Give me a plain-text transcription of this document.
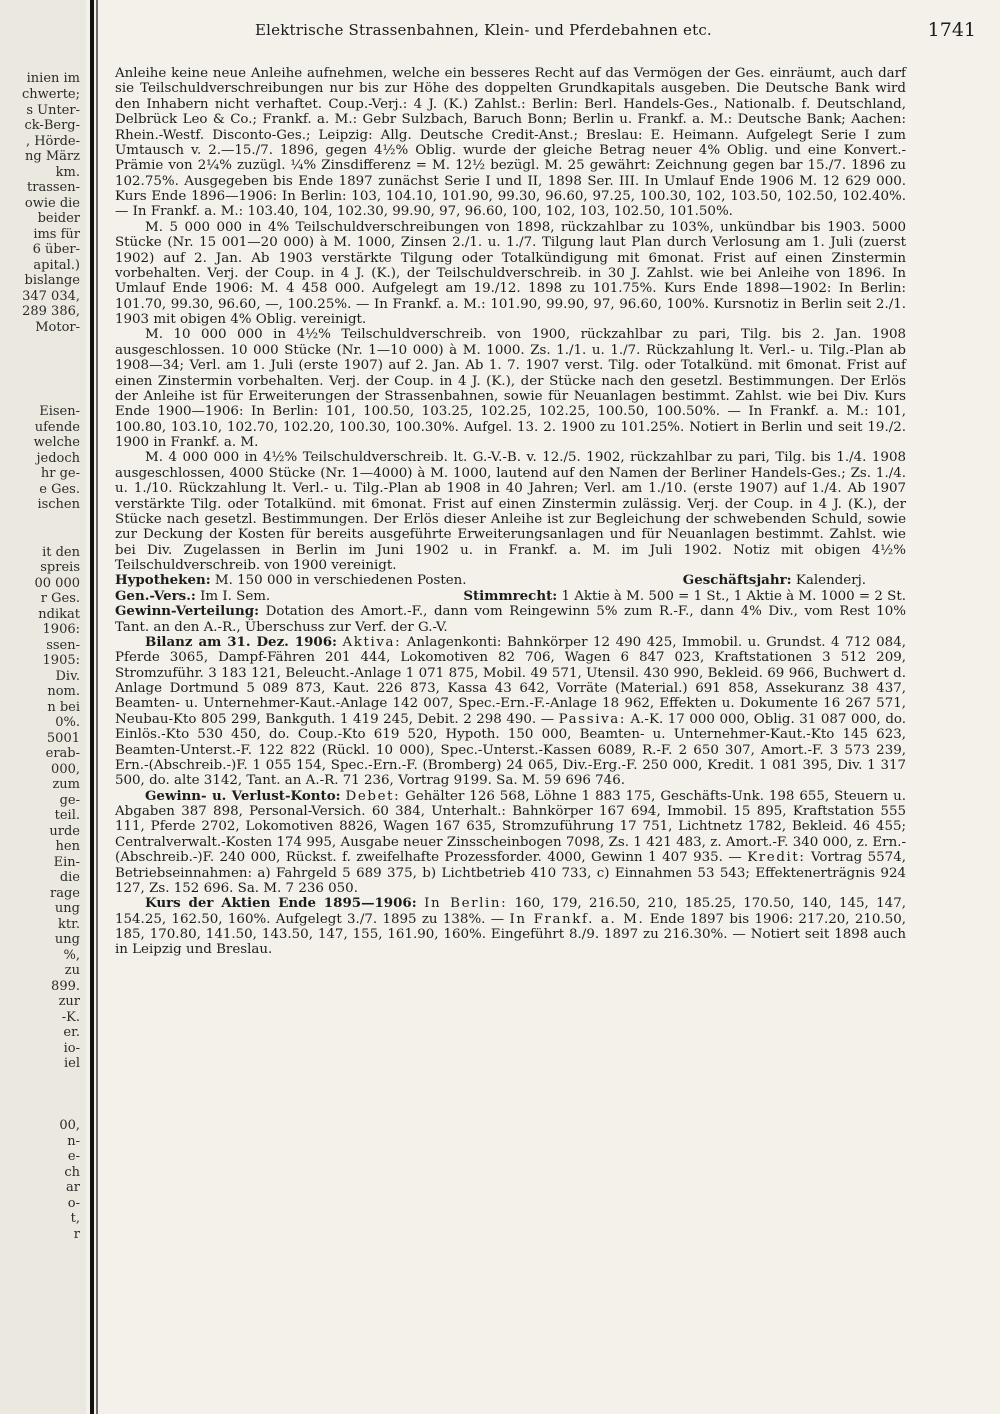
inien im
chwerte;
s Unter-
ck-Berg-
, Hörde-
ng März
km.
trassen-
owie die
beider
ims für
6 über-
apital.)
bislange
347 034,
289 386,
Motor-
Eisen-
ufende
welche
jedoch
hr ge-
e Ges.
ischen
it den
spreis
00 000
r Ges.
ndikat
1906:
ssen-
1905:
Div.
nom.
n bei
0%.
5001
erab-
000,
zum
ge-
teil.
urde
hen
Ein-
die
rage
ung
ktr.
ung
%,
zu
899.
zur
-K.
er.
io-
iel
00,
n-
e-
ch
ar
o-
t,
r
Elektrische Strassenbahnen, Klein- und Pferdebahnen etc.	1741

Anleihe keine neue Anleihe aufnehmen, welche ein besseres Recht auf das Vermögen der Ges. einräumt, auch darf sie Teilschuldverschreibungen nur bis zur Höhe des doppelten Grundkapitals ausgeben. Die Deutsche Bank wird den Inhabern nicht verhaftet. Coup.-Verj.: 4 J. (K.) Zahlst.: Berlin: Berl. Handels-Ges., Nationalb. f. Deutschland, Delbrück Leo & Co.; Frankf. a. M.: Gebr Sulzbach, Baruch Bonn; Berlin u. Frankf. a. M.: Deutsche Bank; Aachen: Rhein.-Westf. Disconto-Ges.; Leipzig: Allg. Deutsche Credit-Anst.; Breslau: E. Heimann. Aufgelegt Serie I zum Umtausch v. 2.—15./7. 1896, gegen 4½% Oblig. wurde der gleiche Betrag neuer 4% Oblig. und eine Konvert.-Prämie von 2¼% zuzügl. ¼% Zinsdifferenz = M. 12½ bezügl. M. 25 gewährt: Zeichnung gegen bar 15./7. 1896 zu 102.75%. Ausgegeben bis Ende 1897 zunächst Serie I und II, 1898 Ser. III. In Umlauf Ende 1906 M. 12 629 000. Kurs Ende 1896—1906: In Berlin: 103, 104.10, 101.90, 99.30, 96.60, 97.25, 100.30, 102, 103.50, 102.50, 102.40%. — In Frankf. a. M.: 103.40, 104, 102.30, 99.90, 97, 96.60, 100, 102, 103, 102.50, 101.50%.

M. 5 000 000 in 4% Teilschuldverschreibungen von 1898, rückzahlbar zu 103%, unkündbar bis 1903. 5000 Stücke (Nr. 15 001—20 000) à M. 1000, Zinsen 2./1. u. 1./7. Tilgung laut Plan durch Verlosung am 1. Juli (zuerst 1902) auf 2. Jan. Ab 1903 verstärkte Tilgung oder Totalkündigung mit 6monat. Frist auf einen Zinstermin vorbehalten. Verj. der Coup. in 4 J. (K.), der Teilschuldverschreib. in 30 J. Zahlst. wie bei Anleihe von 1896. In Umlauf Ende 1906: M. 4 458 000. Aufgelegt am 19./12. 1898 zu 101.75%. Kurs Ende 1898—1902: In Berlin: 101.70, 99.30, 96.60, —, 100.25%. — In Frankf. a. M.: 101.90, 99.90, 97, 96.60, 100%. Kursnotiz in Berlin seit 2./1. 1903 mit obigen 4% Oblig. vereinigt.

M. 10 000 000 in 4½% Teilschuldverschreib. von 1900, rückzahlbar zu pari, Tilg. bis 2. Jan. 1908 ausgeschlossen. 10 000 Stücke (Nr. 1—10 000) à M. 1000. Zs. 1./1. u. 1./7. Rückzahlung lt. Verl.- u. Tilg.-Plan ab 1908—34; Verl. am 1. Juli (erste 1907) auf 2. Jan. Ab 1. 7. 1907 verst. Tilg. oder Totalkünd. mit 6monat. Frist auf einen Zinstermin vorbehalten. Verj. der Coup. in 4 J. (K.), der Stücke nach den gesetzl. Bestimmungen. Der Erlös der Anleihe ist für Erweiterungen der Strassenbahnen, sowie für Neuanlagen bestimmt. Zahlst. wie bei Div. Kurs Ende 1900—1906: In Berlin: 101, 100.50, 103.25, 102.25, 102.25, 100.50, 100.50%. — In Frankf. a. M.: 101, 100.80, 103.10, 102.70, 102.20, 100.30, 100.30%. Aufgel. 13. 2. 1900 zu 101.25%. Notiert in Berlin und seit 19./2. 1900 in Frankf. a. M.

M. 4 000 000 in 4½% Teilschuldverschreib. lt. G.-V.-B. v. 12./5. 1902, rückzahlbar zu pari, Tilg. bis 1./4. 1908 ausgeschlossen, 4000 Stücke (Nr. 1—4000) à M. 1000, lautend auf den Namen der Berliner Handels-Ges.; Zs. 1./4. u. 1./10. Rückzahlung lt. Verl.- u. Tilg.-Plan ab 1908 in 40 Jahren; Verl. am 1./10. (erste 1907) auf 1./4. Ab 1907 verstärkte Tilg. oder Totalkünd. mit 6monat. Frist auf einen Zinstermin zulässig. Verj. der Coup. in 4 J. (K.), der Stücke nach gesetzl. Bestimmungen. Der Erlös dieser Anleihe ist zur Begleichung der schwebenden Schuld, sowie zur Deckung der Kosten für bereits ausgeführte Erweiterungsanlagen und für Neuanlagen bestimmt. Zahlst. wie bei Div. Zugelassen in Berlin im Juni 1902 u. in Frankf. a. M. im Juli 1902. Notiz mit obigen 4½% Teilschuldverschreib. von 1900 vereinigt.

Hypotheken: M. 150 000 in verschiedenen Posten.	Geschäftsjahr: Kalenderj.

Gen.-Vers.: Im I. Sem.	Stimmrecht: 1 Aktie à M. 500 = 1 St., 1 Aktie à M. 1000 = 2 St.

Gewinn-Verteilung: Dotation des Amort.-F., dann vom Reingewinn 5% zum R.-F., dann 4% Div., vom Rest 10% Tant. an den A.-R., Überschuss zur Verf. der G.-V.

Bilanz am 31. Dez. 1906: Aktiva: Anlagenkonti: Bahnkörper 12 490 425, Immobil. u. Grundst. 4 712 084, Pferde 3065, Dampf-Fähren 201 444, Lokomotiven 82 706, Wagen 6 847 023, Kraftstationen 3 512 209, Stromzuführ. 3 183 121, Beleucht.-Anlage 1 071 875, Mobil. 49 571, Utensil. 430 990, Bekleid. 69 966, Buchwert d. Anlage Dortmund 5 089 873, Kaut. 226 873, Kassa 43 642, Vorräte (Material.) 691 858, Assekuranz 38 437, Beamten- u. Unternehmer-Kaut.-Anlage 142 007, Spec.-Ern.-F.-Anlage 18 962, Effekten u. Dokumente 16 267 571, Neubau-Kto 805 299, Bankguth. 1 419 245, Debit. 2 298 490. — Passiva: A.-K. 17 000 000, Oblig. 31 087 000, do. Einlös.-Kto 530 450, do. Coup.-Kto 619 520, Hypoth. 150 000, Beamten- u. Unternehmer-Kaut.-Kto 145 623, Beamten-Unterst.-F. 122 822 (Rückl. 10 000), Spec.-Unterst.-Kassen 6089, R.-F. 2 650 307, Amort.-F. 3 573 239, Ern.-(Abschreib.-)F. 1 055 154, Spec.-Ern.-F. (Bromberg) 24 065, Div.-Erg.-F. 250 000, Kredit. 1 081 395, Div. 1 317 500, do. alte 3142, Tant. an A.-R. 71 236, Vortrag 9199. Sa. M. 59 696 746.

Gewinn- u. Verlust-Konto: Debet: Gehälter 126 568, Löhne 1 883 175, Geschäfts-Unk. 198 655, Steuern u. Abgaben 387 898, Personal-Versich. 60 384, Unterhalt.: Bahnkörper 167 694, Immobil. 15 895, Kraftstation 555 111, Pferde 2702, Lokomotiven 8826, Wagen 167 635, Stromzuführung 17 751, Lichtnetz 1782, Bekleid. 46 455; Centralverwalt.-Kosten 174 995, Ausgabe neuer Zinsscheinbogen 7098, Zs. 1 421 483, z. Amort.-F. 340 000, z. Ern.-(Abschreib.-)F. 240 000, Rückst. f. zweifelhafte Prozessforder. 4000, Gewinn 1 407 935. — Kredit: Vortrag 5574, Betriebseinnahmen: a) Fahrgeld 5 689 375, b) Lichtbetrieb 410 733, c) Einnahmen 53 543; Effektenerträgnis 924 127, Zs. 152 696. Sa. M. 7 236 050.

Kurs der Aktien Ende 1895—1906: In Berlin: 160, 179, 216.50, 210, 185.25, 170.50, 140, 145, 147, 154.25, 162.50, 160%. Aufgelegt 3./7. 1895 zu 138%. — In Frankf. a. M. Ende 1897 bis 1906: 217.20, 210.50, 185, 170.80, 141.50, 143.50, 147, 155, 161.90, 160%. Eingeführt 8./9. 1897 zu 216.30%. — Notiert seit 1898 auch in Leipzig und Breslau.
